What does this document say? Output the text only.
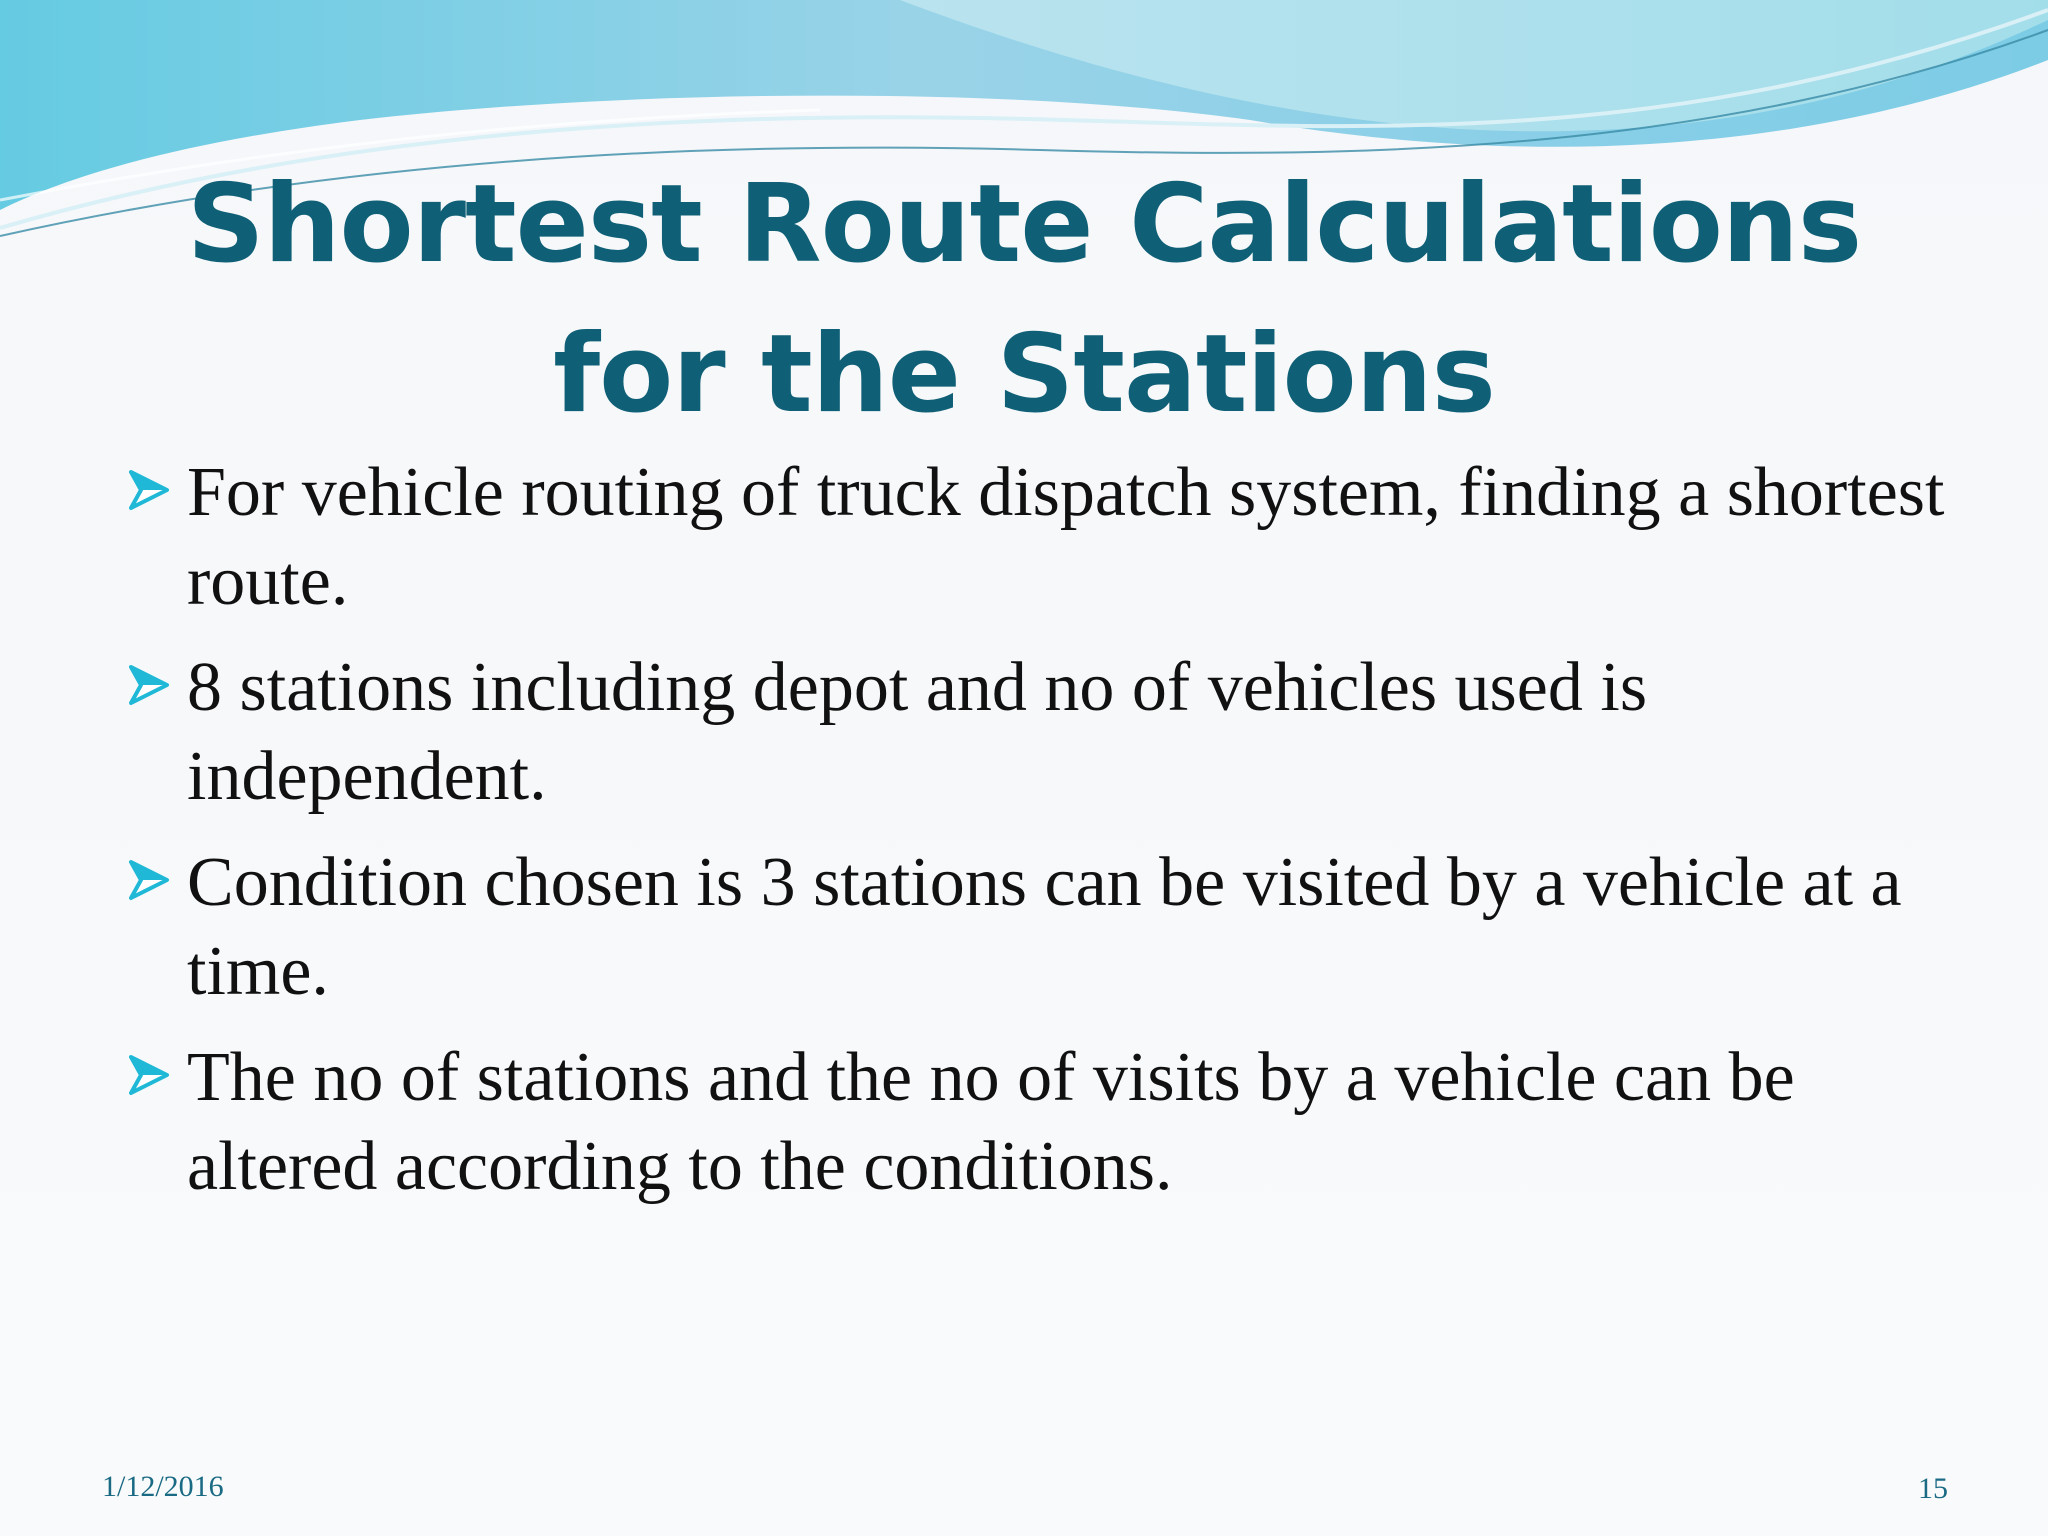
Shortest Route Calculations for the Stations
For vehicle routing of truck dispatch system, finding a shortest route.
8 stations including depot and no of vehicles used is independent.
Condition chosen is 3 stations can be visited by a vehicle at a time.
The no of stations and the no of visits by a vehicle can be altered according to the conditions.
1/12/2016	15
